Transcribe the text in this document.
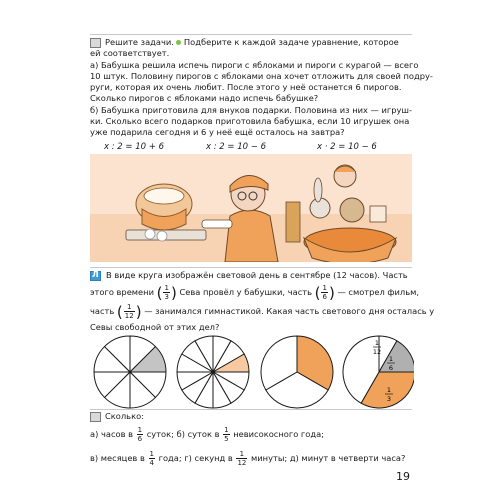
Решите задачи. Подберите к каждой задаче уравнение, которое
ей соответствует.
а) Бабушка решила испечь пироги с яблоками и пироги с курагой — всего
10 штук. Половину пирогов с яблоками она хочет отложить для своей подру-
руги, которая их очень любит. После этого у неё останется 6 пирогов.
Сколько пирогов с яблоками надо испечь бабушке?
б) Бабушка приготовила для внуков подарки. Половина из них — игруш-
ки. Сколько всего подарков приготовила бабушка, если 10 игрушек она
уже подарила сегодня и 6 у неё ещё осталось на завтра?
x : 2 = 10 + 6	x : 2 = 10 − 6	x · 2 = 10 − 6
Л В виде круга изображён световой день в сентябре (12 часов). Часть
этого времени ( $\frac{1}{3}$ ) Сева провёл у бабушки, часть ( $\frac{1}{6}$ ) — смотрел фильм,
часть ( $\frac{1}{12}$ ) — занимался гимнастикой. Какая часть светового дня осталась у
Севы свободной от этих дел?
1
12
1
6
1
3
Сколько:
а) часов в $\frac{1}{6}$ суток; б) суток в $\frac{1}{5}$ невисокосного года;
в) месяцев в $\frac{1}{4}$ года; г) секунд в $\frac{1}{12}$ минуты; д) минут в четверти часа?
19
